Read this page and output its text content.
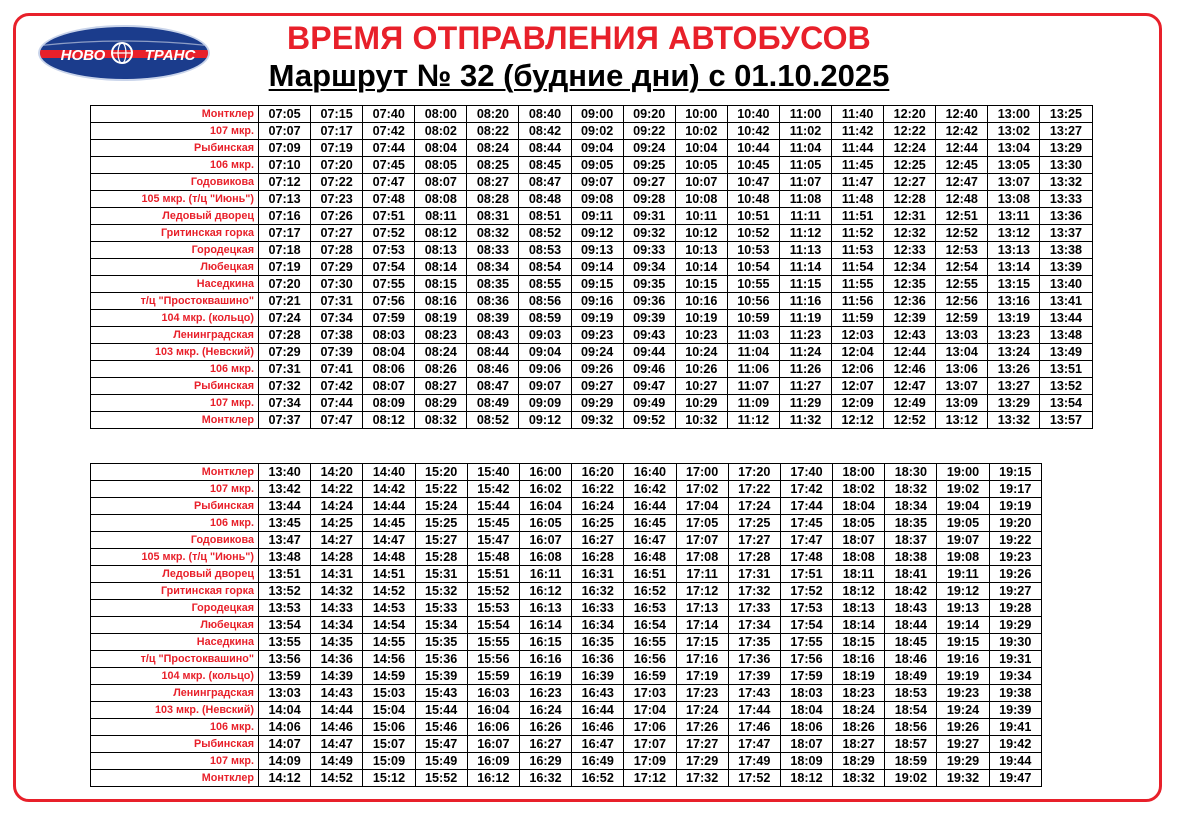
НОВО	ТРАНС	ВРЕМЯ ОТПРАВЛЕНИЯ АВТОБУСОВ
Маршрут № 32 (будние дни) с 01.10.2025
Монтклер	07:05	07:15	07:40	08:00	08:20	08:40	09:00	09:20	10:00	10:40	11:00	11:40	12:20	12:40	13:00	13:25
107 мкр.	07:07	07:17	07:42	08:02	08:22	08:42	09:02	09:22	10:02	10:42	11:02	11:42	12:22	12:42	13:02	13:27
Рыбинская	07:09	07:19	07:44	08:04	08:24	08:44	09:04	09:24	10:04	10:44	11:04	11:44	12:24	12:44	13:04	13:29
106 мкр.	07:10	07:20	07:45	08:05	08:25	08:45	09:05	09:25	10:05	10:45	11:05	11:45	12:25	12:45	13:05	13:30
Годовикова	07:12	07:22	07:47	08:07	08:27	08:47	09:07	09:27	10:07	10:47	11:07	11:47	12:27	12:47	13:07	13:32
105 мкр. (т/ц "Июнь")	07:13	07:23	07:48	08:08	08:28	08:48	09:08	09:28	10:08	10:48	11:08	11:48	12:28	12:48	13:08	13:33
Ледовый дворец	07:16	07:26	07:51	08:11	08:31	08:51	09:11	09:31	10:11	10:51	11:11	11:51	12:31	12:51	13:11	13:36
Гритинская горка	07:17	07:27	07:52	08:12	08:32	08:52	09:12	09:32	10:12	10:52	11:12	11:52	12:32	12:52	13:12	13:37
Городецкая	07:18	07:28	07:53	08:13	08:33	08:53	09:13	09:33	10:13	10:53	11:13	11:53	12:33	12:53	13:13	13:38
Любецкая	07:19	07:29	07:54	08:14	08:34	08:54	09:14	09:34	10:14	10:54	11:14	11:54	12:34	12:54	13:14	13:39
Наседкина	07:20	07:30	07:55	08:15	08:35	08:55	09:15	09:35	10:15	10:55	11:15	11:55	12:35	12:55	13:15	13:40
т/ц "Простоквашино"	07:21	07:31	07:56	08:16	08:36	08:56	09:16	09:36	10:16	10:56	11:16	11:56	12:36	12:56	13:16	13:41
104 мкр. (кольцо)	07:24	07:34	07:59	08:19	08:39	08:59	09:19	09:39	10:19	10:59	11:19	11:59	12:39	12:59	13:19	13:44
Ленинградская	07:28	07:38	08:03	08:23	08:43	09:03	09:23	09:43	10:23	11:03	11:23	12:03	12:43	13:03	13:23	13:48
103 мкр. (Невский)	07:29	07:39	08:04	08:24	08:44	09:04	09:24	09:44	10:24	11:04	11:24	12:04	12:44	13:04	13:24	13:49
106 мкр.	07:31	07:41	08:06	08:26	08:46	09:06	09:26	09:46	10:26	11:06	11:26	12:06	12:46	13:06	13:26	13:51
Рыбинская	07:32	07:42	08:07	08:27	08:47	09:07	09:27	09:47	10:27	11:07	11:27	12:07	12:47	13:07	13:27	13:52
107 мкр.	07:34	07:44	08:09	08:29	08:49	09:09	09:29	09:49	10:29	11:09	11:29	12:09	12:49	13:09	13:29	13:54
Монтклер	07:37	07:47	08:12	08:32	08:52	09:12	09:32	09:52	10:32	11:12	11:32	12:12	12:52	13:12	13:32	13:57
Монтклер	13:40	14:20	14:40	15:20	15:40	16:00	16:20	16:40	17:00	17:20	17:40	18:00	18:30	19:00	19:15
107 мкр.	13:42	14:22	14:42	15:22	15:42	16:02	16:22	16:42	17:02	17:22	17:42	18:02	18:32	19:02	19:17
Рыбинская	13:44	14:24	14:44	15:24	15:44	16:04	16:24	16:44	17:04	17:24	17:44	18:04	18:34	19:04	19:19
106 мкр.	13:45	14:25	14:45	15:25	15:45	16:05	16:25	16:45	17:05	17:25	17:45	18:05	18:35	19:05	19:20
Годовикова	13:47	14:27	14:47	15:27	15:47	16:07	16:27	16:47	17:07	17:27	17:47	18:07	18:37	19:07	19:22
105 мкр. (т/ц "Июнь")	13:48	14:28	14:48	15:28	15:48	16:08	16:28	16:48	17:08	17:28	17:48	18:08	18:38	19:08	19:23
Ледовый дворец	13:51	14:31	14:51	15:31	15:51	16:11	16:31	16:51	17:11	17:31	17:51	18:11	18:41	19:11	19:26
Гритинская горка	13:52	14:32	14:52	15:32	15:52	16:12	16:32	16:52	17:12	17:32	17:52	18:12	18:42	19:12	19:27
Городецкая	13:53	14:33	14:53	15:33	15:53	16:13	16:33	16:53	17:13	17:33	17:53	18:13	18:43	19:13	19:28
Любецкая	13:54	14:34	14:54	15:34	15:54	16:14	16:34	16:54	17:14	17:34	17:54	18:14	18:44	19:14	19:29
Наседкина	13:55	14:35	14:55	15:35	15:55	16:15	16:35	16:55	17:15	17:35	17:55	18:15	18:45	19:15	19:30
т/ц "Простоквашино"	13:56	14:36	14:56	15:36	15:56	16:16	16:36	16:56	17:16	17:36	17:56	18:16	18:46	19:16	19:31
104 мкр. (кольцо)	13:59	14:39	14:59	15:39	15:59	16:19	16:39	16:59	17:19	17:39	17:59	18:19	18:49	19:19	19:34
Ленинградская	13:03	14:43	15:03	15:43	16:03	16:23	16:43	17:03	17:23	17:43	18:03	18:23	18:53	19:23	19:38
103 мкр. (Невский)	14:04	14:44	15:04	15:44	16:04	16:24	16:44	17:04	17:24	17:44	18:04	18:24	18:54	19:24	19:39
106 мкр.	14:06	14:46	15:06	15:46	16:06	16:26	16:46	17:06	17:26	17:46	18:06	18:26	18:56	19:26	19:41
Рыбинская	14:07	14:47	15:07	15:47	16:07	16:27	16:47	17:07	17:27	17:47	18:07	18:27	18:57	19:27	19:42
107 мкр.	14:09	14:49	15:09	15:49	16:09	16:29	16:49	17:09	17:29	17:49	18:09	18:29	18:59	19:29	19:44
Монтклер	14:12	14:52	15:12	15:52	16:12	16:32	16:52	17:12	17:32	17:52	18:12	18:32	19:02	19:32	19:47
